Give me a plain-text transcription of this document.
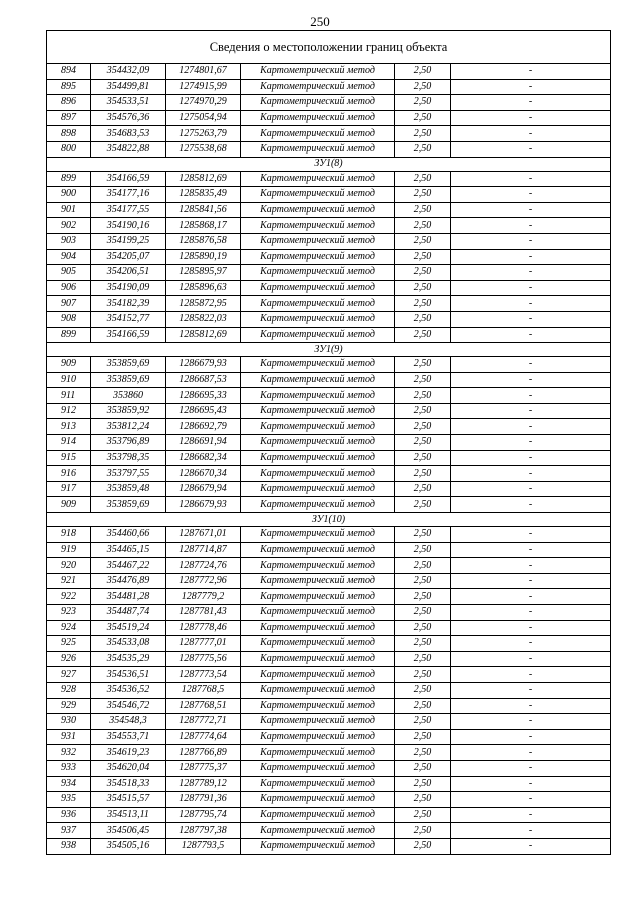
250
Сведения о местоположении границ объекта					
894	354432,09	1274801,67	Картометрический метод	2,50	-
895	354499,81	1274915,99	Картометрический метод	2,50	-
896	354533,51	1274970,29	Картометрический метод	2,50	-
897	354576,36	1275054,94	Картометрический метод	2,50	-
898	354683,53	1275263,79	Картометрический метод	2,50	-
800	354822,88	1275538,68	Картометрический метод	2,50	-
ЗУ1(8)					
899	354166,59	1285812,69	Картометрический метод	2,50	-
900	354177,16	1285835,49	Картометрический метод	2,50	-
901	354177,55	1285841,56	Картометрический метод	2,50	-
902	354190,16	1285868,17	Картометрический метод	2,50	-
903	354199,25	1285876,58	Картометрический метод	2,50	-
904	354205,07	1285890,19	Картометрический метод	2,50	-
905	354206,51	1285895,97	Картометрический метод	2,50	-
906	354190,09	1285896,63	Картометрический метод	2,50	-
907	354182,39	1285872,95	Картометрический метод	2,50	-
908	354152,77	1285822,03	Картометрический метод	2,50	-
899	354166,59	1285812,69	Картометрический метод	2,50	-
ЗУ1(9)					
909	353859,69	1286679,93	Картометрический метод	2,50	-
910	353859,69	1286687,53	Картометрический метод	2,50	-
911	353860	1286695,33	Картометрический метод	2,50	-
912	353859,92	1286695,43	Картометрический метод	2,50	-
913	353812,24	1286692,79	Картометрический метод	2,50	-
914	353796,89	1286691,94	Картометрический метод	2,50	-
915	353798,35	1286682,34	Картометрический метод	2,50	-
916	353797,55	1286670,34	Картометрический метод	2,50	-
917	353859,48	1286679,94	Картометрический метод	2,50	-
909	353859,69	1286679,93	Картометрический метод	2,50	-
ЗУ1(10)					
918	354460,66	1287671,01	Картометрический метод	2,50	-
919	354465,15	1287714,87	Картометрический метод	2,50	-
920	354467,22	1287724,76	Картометрический метод	2,50	-
921	354476,89	1287772,96	Картометрический метод	2,50	-
922	354481,28	1287779,2	Картометрический метод	2,50	-
923	354487,74	1287781,43	Картометрический метод	2,50	-
924	354519,24	1287778,46	Картометрический метод	2,50	-
925	354533,08	1287777,01	Картометрический метод	2,50	-
926	354535,29	1287775,56	Картометрический метод	2,50	-
927	354536,51	1287773,54	Картометрический метод	2,50	-
928	354536,52	1287768,5	Картометрический метод	2,50	-
929	354546,72	1287768,51	Картометрический метод	2,50	-
930	354548,3	1287772,71	Картометрический метод	2,50	-
931	354553,71	1287774,64	Картометрический метод	2,50	-
932	354619,23	1287766,89	Картометрический метод	2,50	-
933	354620,04	1287775,37	Картометрический метод	2,50	-
934	354518,33	1287789,12	Картометрический метод	2,50	-
935	354515,57	1287791,36	Картометрический метод	2,50	-
936	354513,11	1287795,74	Картометрический метод	2,50	-
937	354506,45	1287797,38	Картометрический метод	2,50	-
938	354505,16	1287793,5	Картометрический метод	2,50	-
